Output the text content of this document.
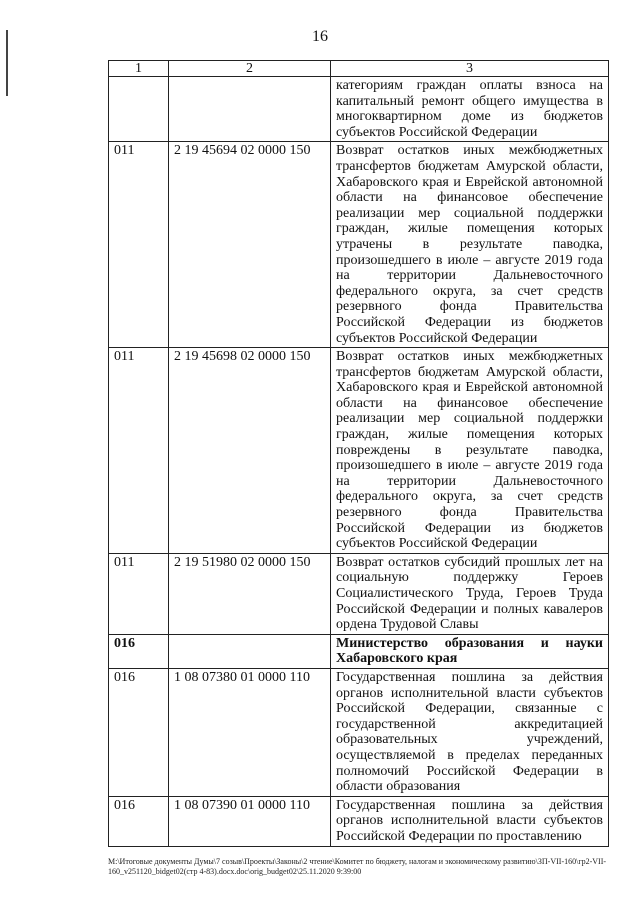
16
1	2	3
		категориям граждан оплаты взноса на капитальный ремонт общего имущества в многоквартирном доме из бюджетов субъектов Российской Федерации
011	2 19 45694 02 0000 150	Возврат остатков иных межбюджетных трансфертов бюджетам Амурской области, Хабаровского края и Еврейской автономной области на финансовое обеспечение реализации мер социальной поддержки граждан, жилые помещения которых утрачены в результате паводка, произошедшего в июле – августе 2019 года на территории Дальневосточного федерального округа, за счет средств резервного фонда Правительства Российской Федерации из бюджетов субъектов Российской Федерации
011	2 19 45698 02 0000 150	Возврат остатков иных межбюджетных трансфертов бюджетам Амурской области, Хабаровского края и Еврейской автономной области на финансовое обеспечение реализации мер социальной поддержки граждан, жилые помещения которых повреждены в результате паводка, произошедшего в июле – августе 2019 года на территории Дальневосточного федерального округа, за счет средств резервного фонда Правительства Российской Федерации из бюджетов субъектов Российской Федерации
011	2 19 51980 02 0000 150	Возврат остатков субсидий прошлых лет на социальную поддержку Героев Социалистического Труда, Героев Труда Российской Федерации и полных кавалеров ордена Трудовой Славы
016		Министерство образования и науки Хабаровского края
016	1 08 07380 01 0000 110	Государственная пошлина за действия органов исполнительной власти субъектов Российской Федерации, связанные с государственной аккредитацией образовательных учреждений, осуществляемой в пределах переданных полномочий Российской Федерации в области образования
016	1 08 07390 01 0000 110	Государственная пошлина за действия органов исполнительной власти субъектов Российской Федерации по проставлению
M:\Итоговые документы Думы\7 созыв\Проекты\Законы\2 чтение\Комитет по бюджету, налогам и экономическому развитию\ЗП-VII-160\гр2-VII-160_v251120_bidget02(стр 4-83).docx.doc\orig_budget02\25.11.2020 9:39:00
